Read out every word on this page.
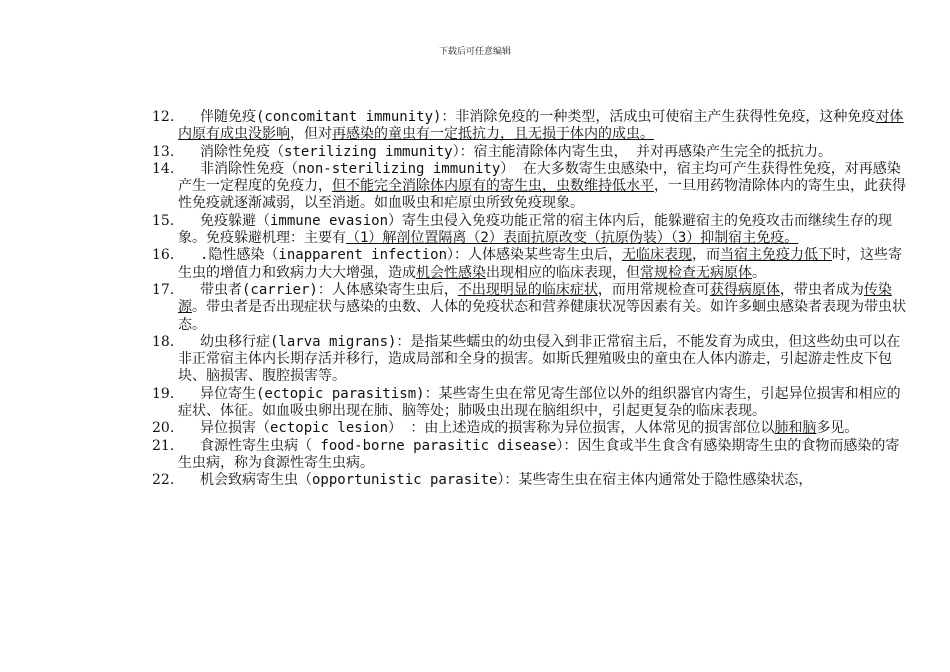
下载后可任意编辑

12. 伴随免疫(concomitant immunity)：非消除免疫的一种类型，活成虫可使宿主产生获得性免疫，这种免疫对体内原有成虫没影响，但对再感染的童虫有一定抵抗力，且无损于体内的成虫。

13. 消除性免疫（sterilizing immunity）：宿主能清除体内寄生虫， 并对再感染产生完全的抵抗力。

14. 非消除性免疫（non-sterilizing immunity） 在大多数寄生虫感染中，宿主均可产生获得性免疫，对再感染产生一定程度的免疫力，但不能完全消除体内原有的寄生虫，虫数维持低水平，一旦用药物清除体内的寄生虫，此获得性免疫就逐渐减弱，以至消逝。如血吸虫和疟原虫所致免疫现象。

15. 免疫躲避（immune evasion）寄生虫侵入免疫功能正常的宿主体内后，能躲避宿主的免疫攻击而继续生存的现象。免疫躲避机理：主要有（1）解剖位置隔离（2）表面抗原改变（抗原伪装）（3）抑制宿主免疫。

16. .隐性感染（inapparent infection）：人体感染某些寄生虫后，无临床表现，而当宿主免疫力低下时，这些寄生虫的增值力和致病力大大增强，造成机会性感染出现相应的临床表现，但常规检查无病原体。

17. 带虫者(carrier)：人体感染寄生虫后，不出现明显的临床症状，而用常规检查可获得病原体，带虫者成为传染源。带虫者是否出现症状与感染的虫数、人体的免疫状态和营养健康状况等因素有关。如许多蛔虫感染者表现为带虫状态。

18. 幼虫移行症(larva migrans)：是指某些蠕虫的幼虫侵入到非正常宿主后，不能发育为成虫，但这些幼虫可以在非正常宿主体内长期存活并移行，造成局部和全身的损害。如斯氏狸殖吸虫的童虫在人体内游走，引起游走性皮下包块、脑损害、腹腔损害等。

19. 异位寄生(ectopic parasitism)：某些寄生虫在常见寄生部位以外的组织器官内寄生，引起异位损害和相应的症状、体征。如血吸虫卵出现在肺、脑等处；肺吸虫出现在脑组织中，引起更复杂的临床表现。

20. 异位损害（ectopic lesion） ：由上述造成的损害称为异位损害，人体常见的损害部位以肺和脑多见。

21. 食源性寄生虫病（ food-borne parasitic disease）：因生食或半生食含有感染期寄生虫的食物而感染的寄生虫病，称为食源性寄生虫病。

22. 机会致病寄生虫（opportunistic parasite）：某些寄生虫在宿主体内通常处于隐性感染状态，
